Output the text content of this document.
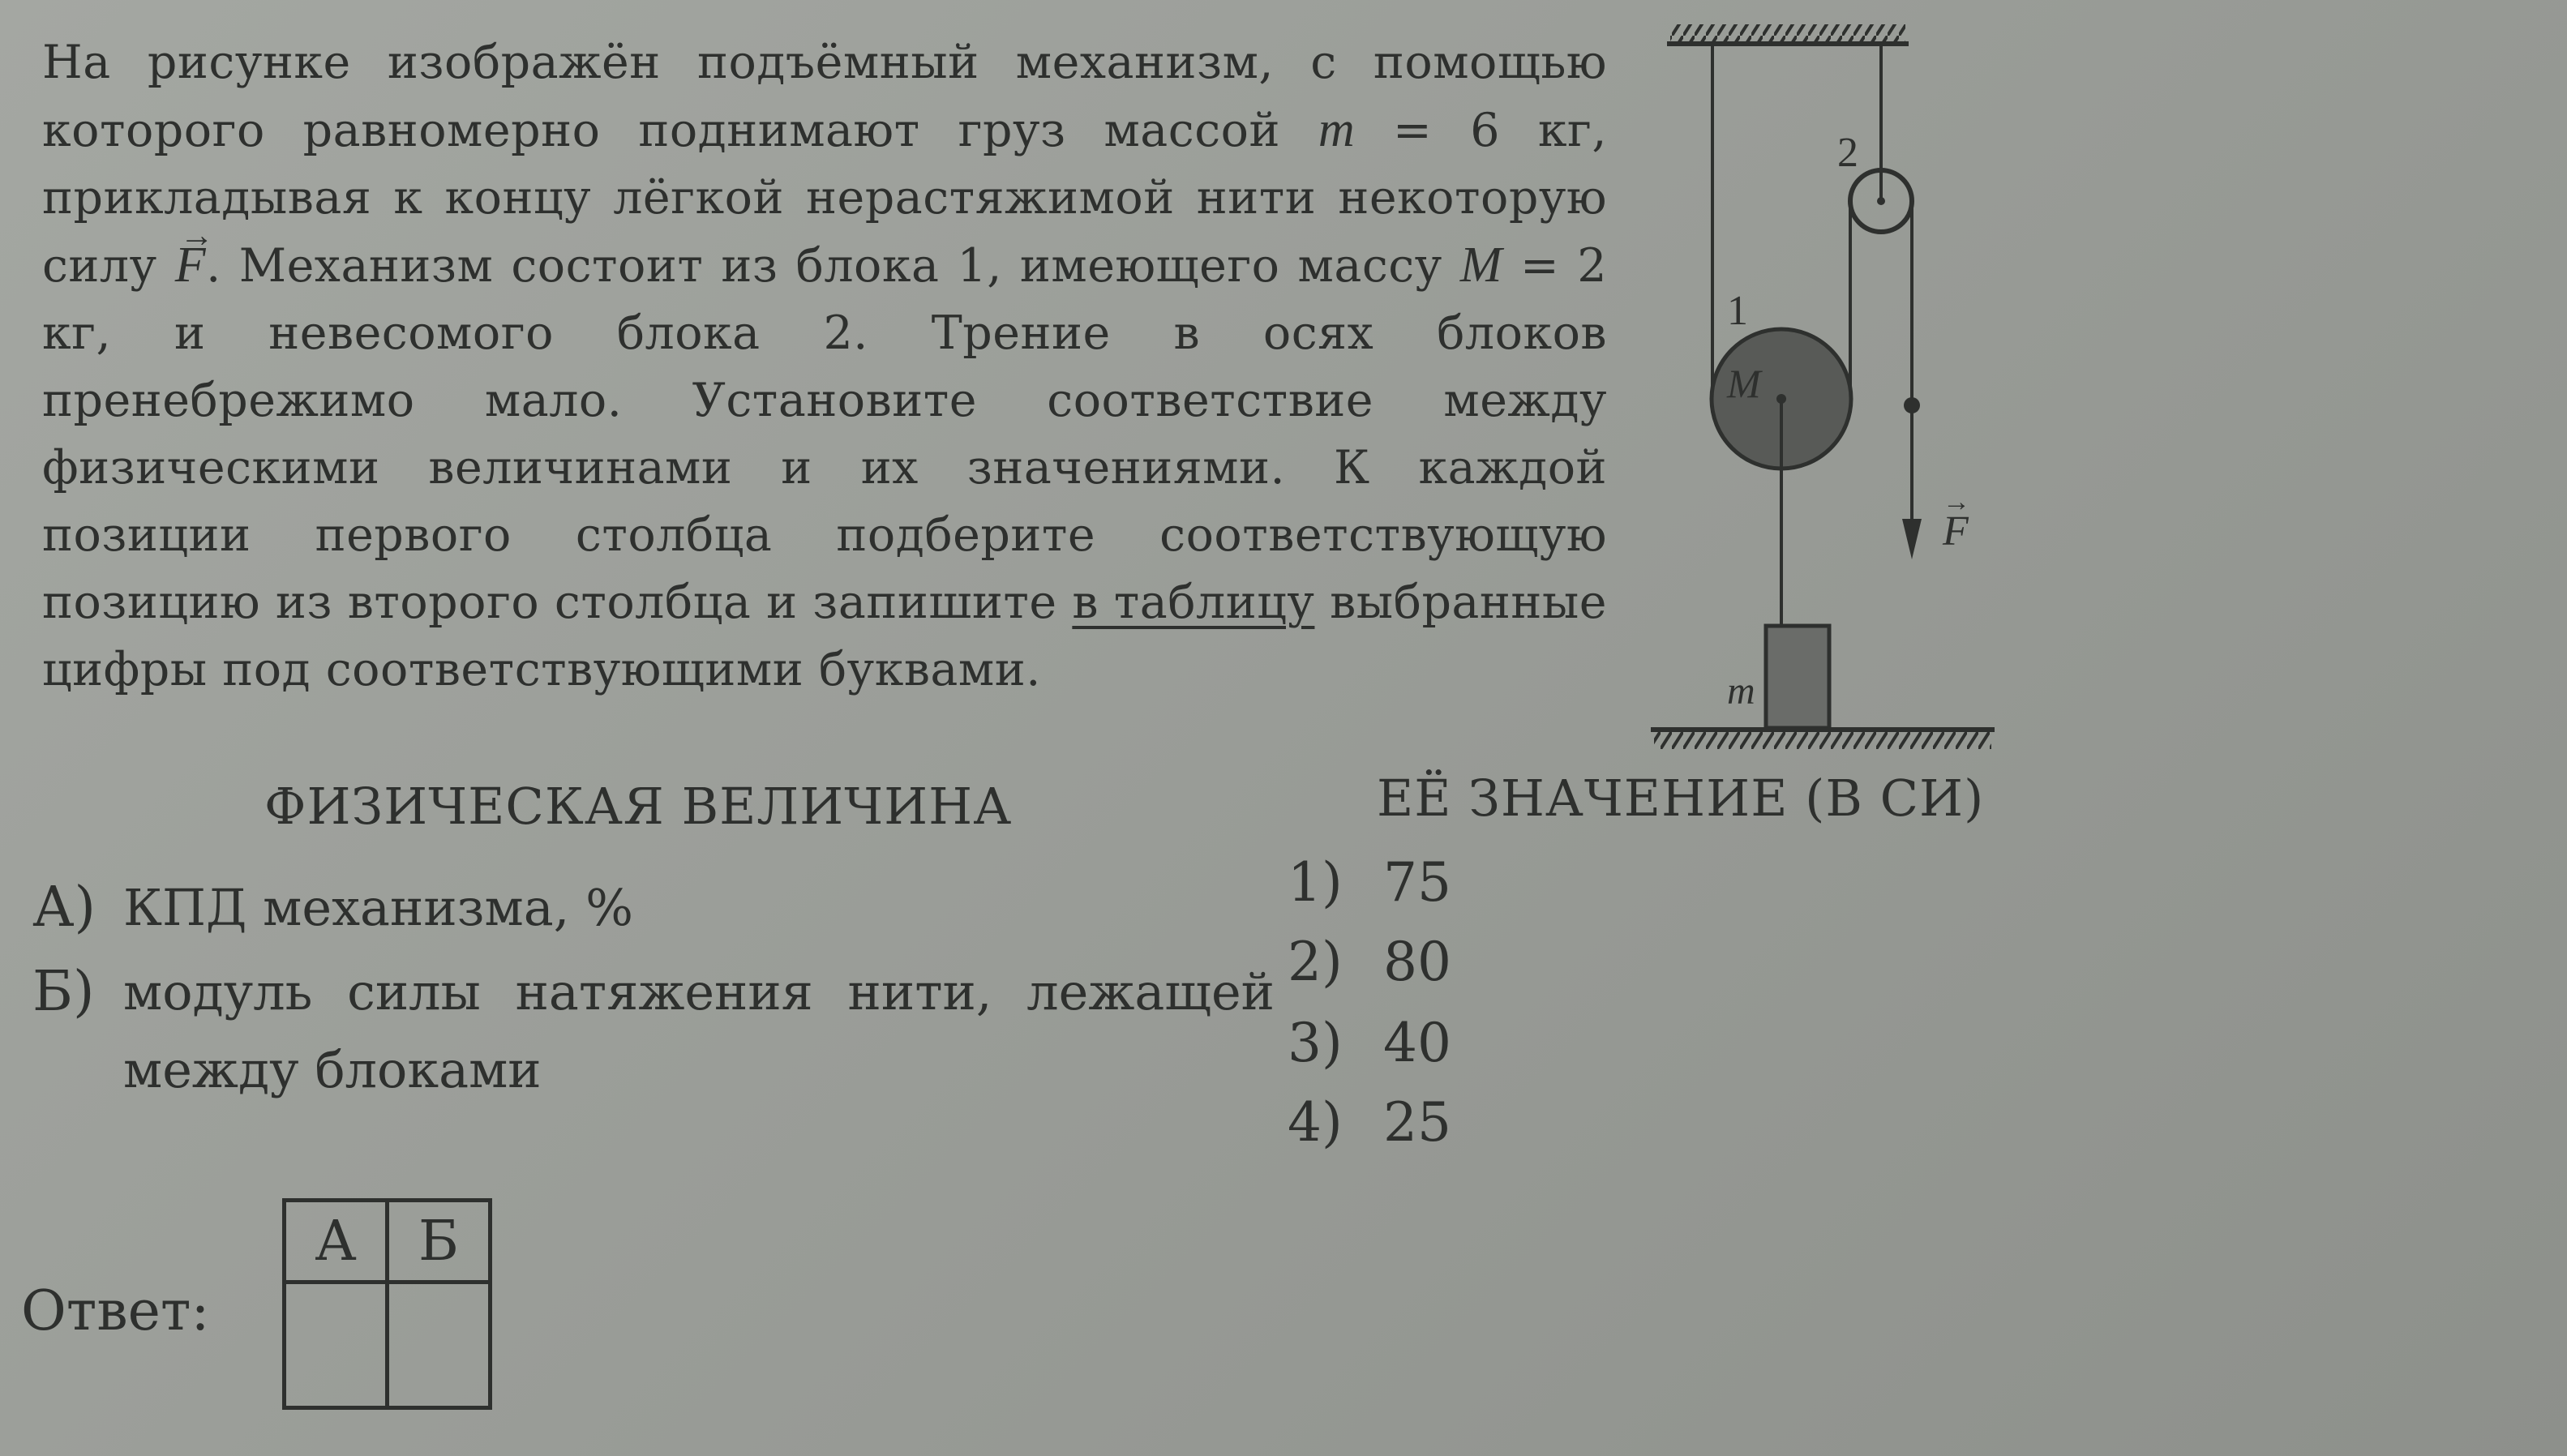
На рисунке изображён подъёмный механизм, с помощью которого равномерно поднимают груз массой m = 6 кг, прикладывая к концу лёгкой нерастяжимой нити некоторую силу → F. Механизм состоит из блока 1, имеющего массу M = 2 кг, и невесомого блока 2. Трение в осях блоков пренебрежимо мало. Установите соответствие между физическими величинами и их значениями. К каждой позиции первого столбца подберите соответствующую позицию из второго столбца и запишите в таблицу выбранные цифры под соответствующими буквами.
2
1
M
m
F
→
ФИЗИЧЕСКАЯ ВЕЛИЧИНА	ЕЁ ЗНАЧЕНИЕ (В СИ)
А) КПД механизма, %
Б) модуль силы натяжения нити, лежащей между блоками
1) 75
2) 80
3) 40
4) 25
Ответ:
А	Б
